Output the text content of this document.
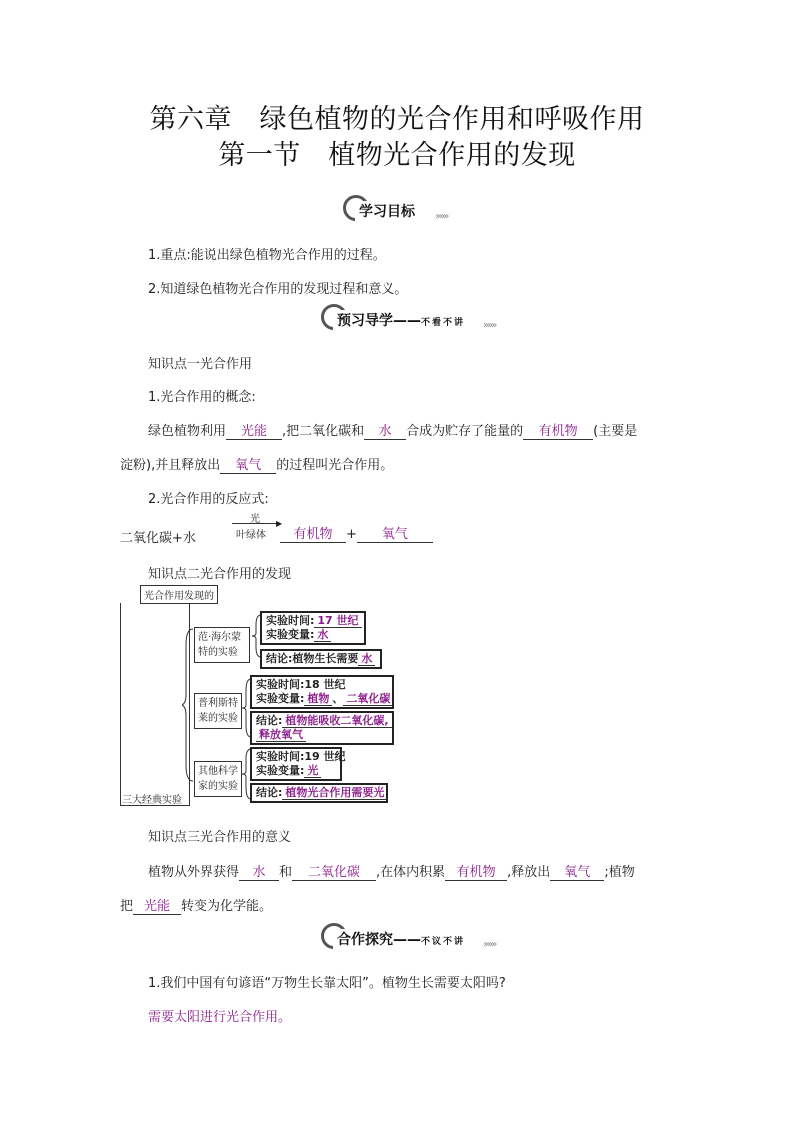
第六章　绿色植物的光合作用和呼吸作用
第一节　植物光合作用的发现
学习目标	»»»
1.重点:能说出绿色植物光合作用的过程。
2.知道绿色植物光合作用的发现过程和意义。
预习导学——不看不讲	»»»
知识点一光合作用
1.光合作用的概念:
绿色植物利用 光能 ,把二氧化碳和 水 合成为贮存了能量的 有机物 (主要是
淀粉),并且释放出 氧气 的过程叫光合作用。
2.光合作用的反应式:
二氧化碳+水
光 ▶
叶绿体	有机物 + 氧气
知识点二光合作用的发现
光合作用发现的
三大经典实验
范·海尔蒙特的实验
实验时间: 17 世纪
实验变量: 水
结论:植物生长需要 水
普利斯特莱的实验
实验时间:18 世纪
实验变量: 植物 、 二氧化碳
结论: 植物能吸收二氧化碳,
释放氧气
其他科学家的实验
实验时间:19 世纪
实验变量: 光
结论: 植物光合作用需要光
知识点三光合作用的意义
植物从外界获得 水 和 二氧化碳 ,在体内积累 有机物 ,释放出 氧气 ;植物
把 光能 转变为化学能。
合作探究——不议不讲	»»»
1.我们中国有句谚语“万物生长靠太阳”。植物生长需要太阳吗?
需要太阳进行光合作用。
